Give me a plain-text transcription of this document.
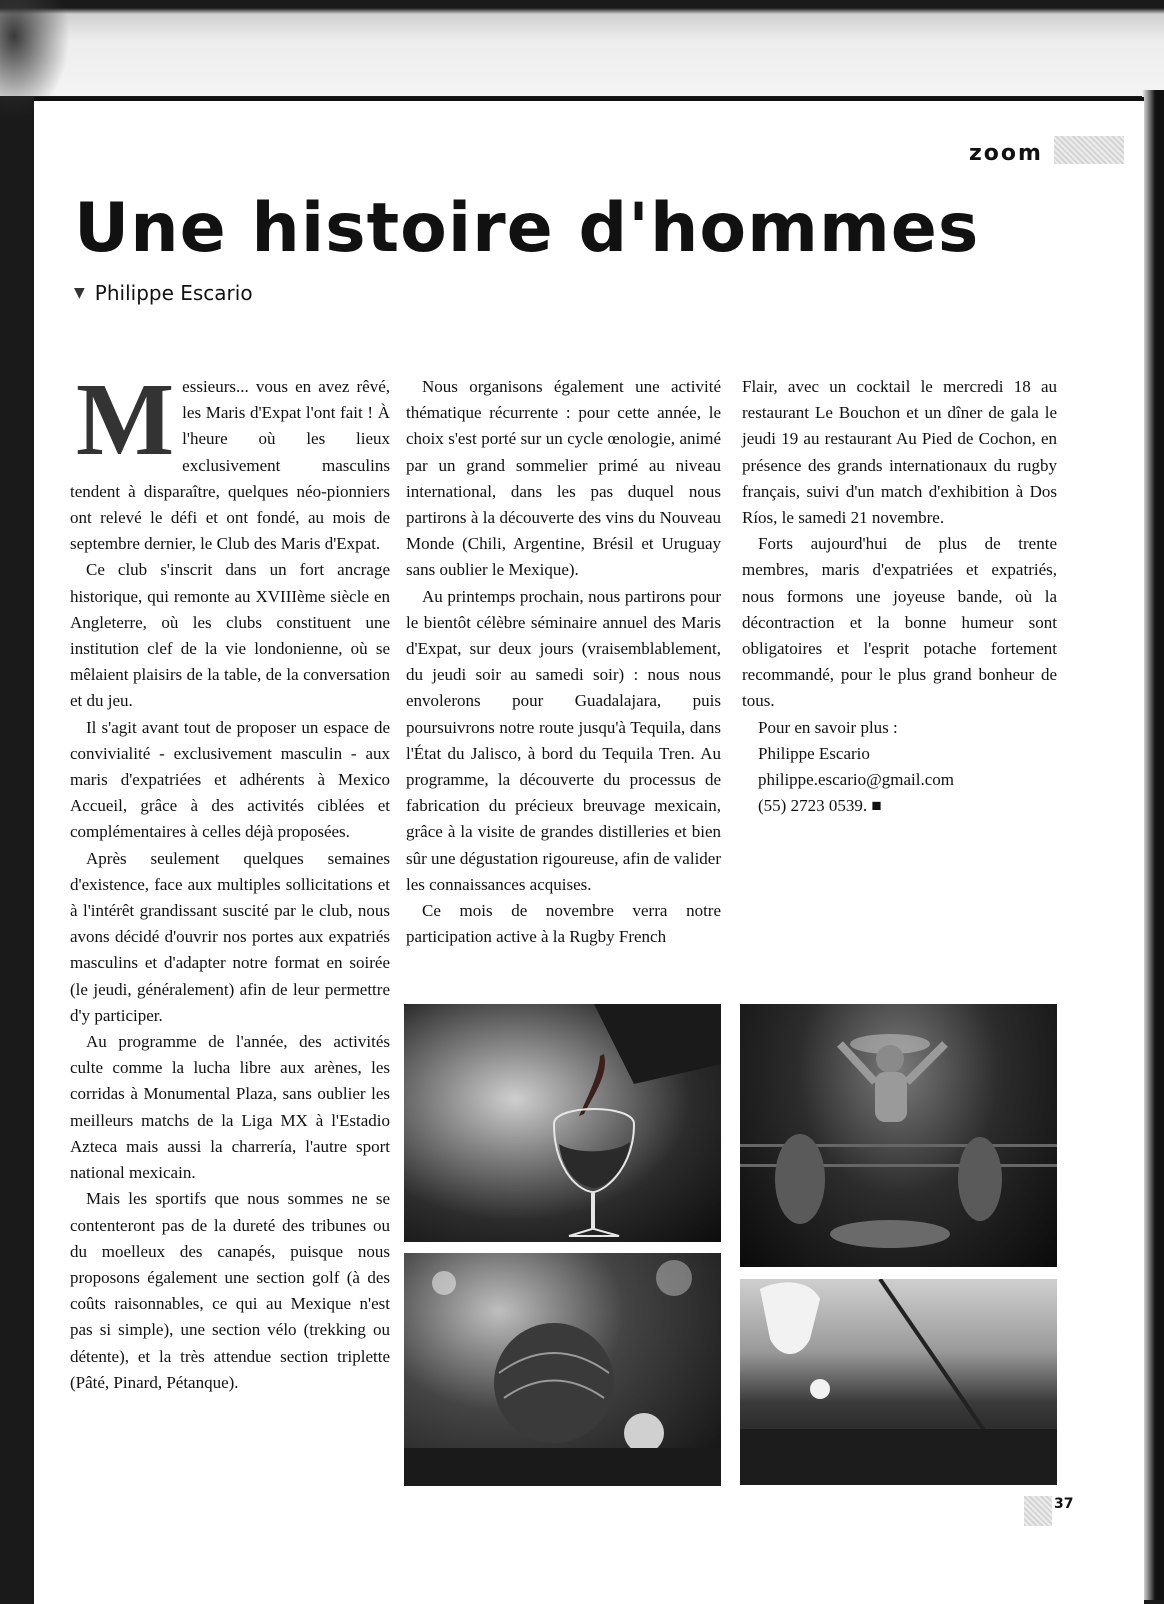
zoom
Une histoire d'hommes
▼ Philippe Escario

Messieurs... vous en avez rêvé, les Maris d'Expat l'ont fait ! À l'heure où les lieux exclusivement masculins tendent à disparaître, quelques néo-pionniers ont relevé le défi et ont fondé, au mois de septembre dernier, le Club des Maris d'Expat.

Ce club s'inscrit dans un fort ancrage historique, qui remonte au XVIIIème siècle en Angleterre, où les clubs constituent une institution clef de la vie londonienne, où se mêlaient plaisirs de la table, de la conversation et du jeu.

Il s'agit avant tout de proposer un espace de convivialité - exclusivement masculin - aux maris d'expatriées et adhérents à Mexico Accueil, grâce à des activités ciblées et complémentaires à celles déjà proposées.

Après seulement quelques semaines d'existence, face aux multiples sollicitations et à l'intérêt grandissant suscité par le club, nous avons décidé d'ouvrir nos portes aux expatriés masculins et d'adapter notre format en soirée (le jeudi, généralement) afin de leur permettre d'y participer.

Au programme de l'année, des activités culte comme la lucha libre aux arènes, les corridas à Monumental Plaza, sans oublier les meilleurs matchs de la Liga MX à l'Estadio Azteca mais aussi la charrería, l'autre sport national mexicain.

Mais les sportifs que nous sommes ne se contenteront pas de la dureté des tribunes ou du moelleux des canapés, puisque nous proposons également une section golf (à des coûts raisonnables, ce qui au Mexique n'est pas si simple), une section vélo (trekking ou détente), et la très attendue section triplette (Pâté, Pinard, Pétanque).

Nous organisons également une activité thématique récurrente : pour cette année, le choix s'est porté sur un cycle œnologie, animé par un grand sommelier primé au niveau international, dans les pas duquel nous partirons à la découverte des vins du Nouveau Monde (Chili, Argentine, Brésil et Uruguay sans oublier le Mexique).

Au printemps prochain, nous partirons pour le bientôt célèbre séminaire annuel des Maris d'Expat, sur deux jours (vraisemblablement, du jeudi soir au samedi soir) : nous nous envolerons pour Guadalajara, puis poursuivrons notre route jusqu'à Tequila, dans l'État du Jalisco, à bord du Tequila Tren. Au programme, la découverte du processus de fabrication du précieux breuvage mexicain, grâce à la visite de grandes distilleries et bien sûr une dégustation rigoureuse, afin de valider les connaissances acquises.

Ce mois de novembre verra notre participation active à la Rugby French

Flair, avec un cocktail le mercredi 18 au restaurant Le Bouchon et un dîner de gala le jeudi 19 au restaurant Au Pied de Cochon, en présence des grands internationaux du rugby français, suivi d'un match d'exhibition à Dos Ríos, le samedi 21 novembre.

Forts aujourd'hui de plus de trente membres, maris d'expatriées et expatriés, nous formons une joyeuse bande, où la décontraction et la bonne humeur sont obligatoires et l'esprit potache fortement recommandé, pour le plus grand bonheur de tous.

Pour en savoir plus :

Philippe Escario

philippe.escario@gmail.com

(55) 2723 0539. ■

37
